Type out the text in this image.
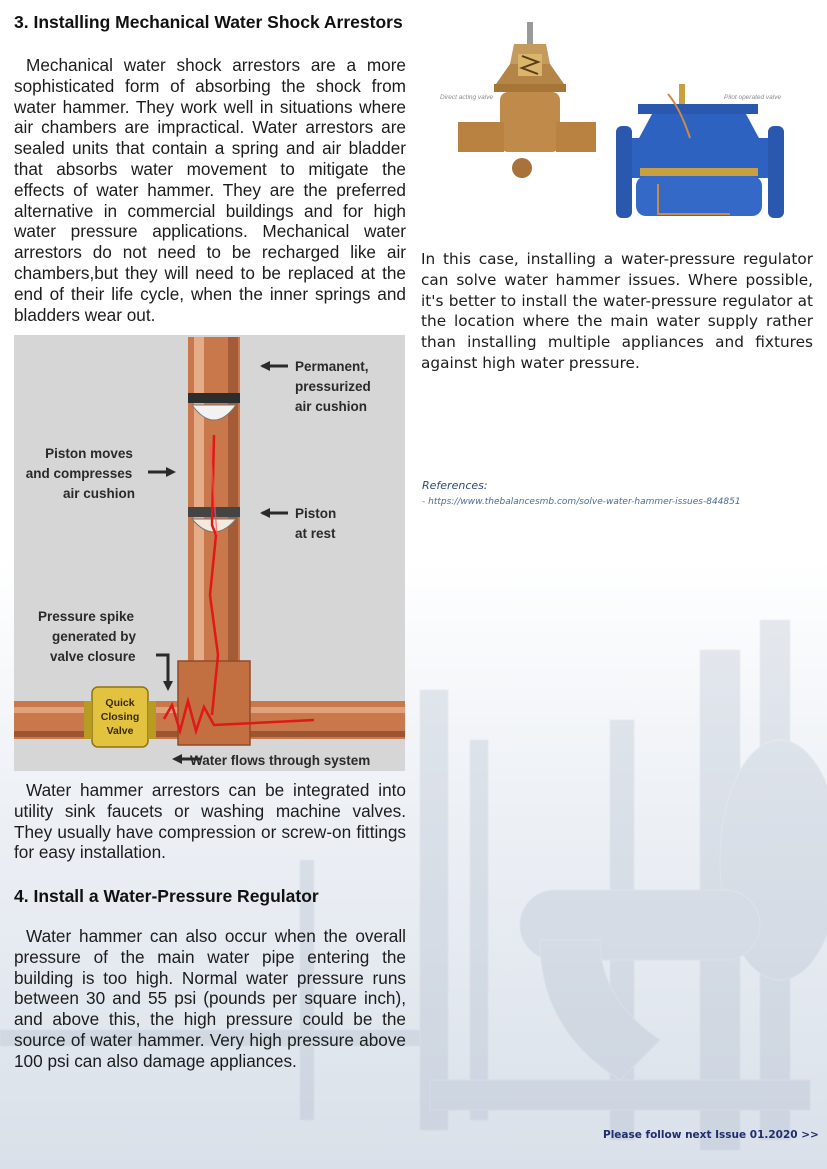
3. Installing Mechanical Water Shock Arrestors

Mechanical water shock arrestors are a more sophisticated form of absorbing the shock from water hammer. They work well in situations where air chambers are impractical. Water arrestors are sealed units that contain a spring and air bladder that absorbs water movement to mitigate the effects of water hammer. They are the preferred alternative in commercial buildings and for high water pressure applications. Mechanical water arrestors do not need to be recharged like air chambers,but they will need to be replaced at the end of their life cycle, when the inner springs and bladders wear out.

Quick
Closing
Valve
Permanent,
pressurized
air cushion
Piston moves
and compresses
air cushion
Piston
at rest
Pressure spike
generated by
valve closure
Water flows through system

Water hammer arrestors can be integrated into utility sink faucets or washing machine valves. They usually have compression or screw-on fittings for easy installation.

4. Install a Water-Pressure Regulator

Water hammer can also occur when the overall pressure of the main water pipe entering the building is too high. Normal water pressure runs between 30 and 55 psi (pounds per square inch), and above this, the high pressure could be the source of water hammer. Very high pressure above 100 psi can also damage appliances.

Direct acting valve	Pilot operated valve

In this case, installing a water-pressure regulator can solve water hammer issues. Where possible, it's better to install the water-pressure regulator at the location where the main water supply rather than installing multiple appliances and fixtures against high water pressure.

References:
- https://www.thebalancesmb.com/solve-water-hammer-issues-844851
Please follow next Issue 01.2020 >>
